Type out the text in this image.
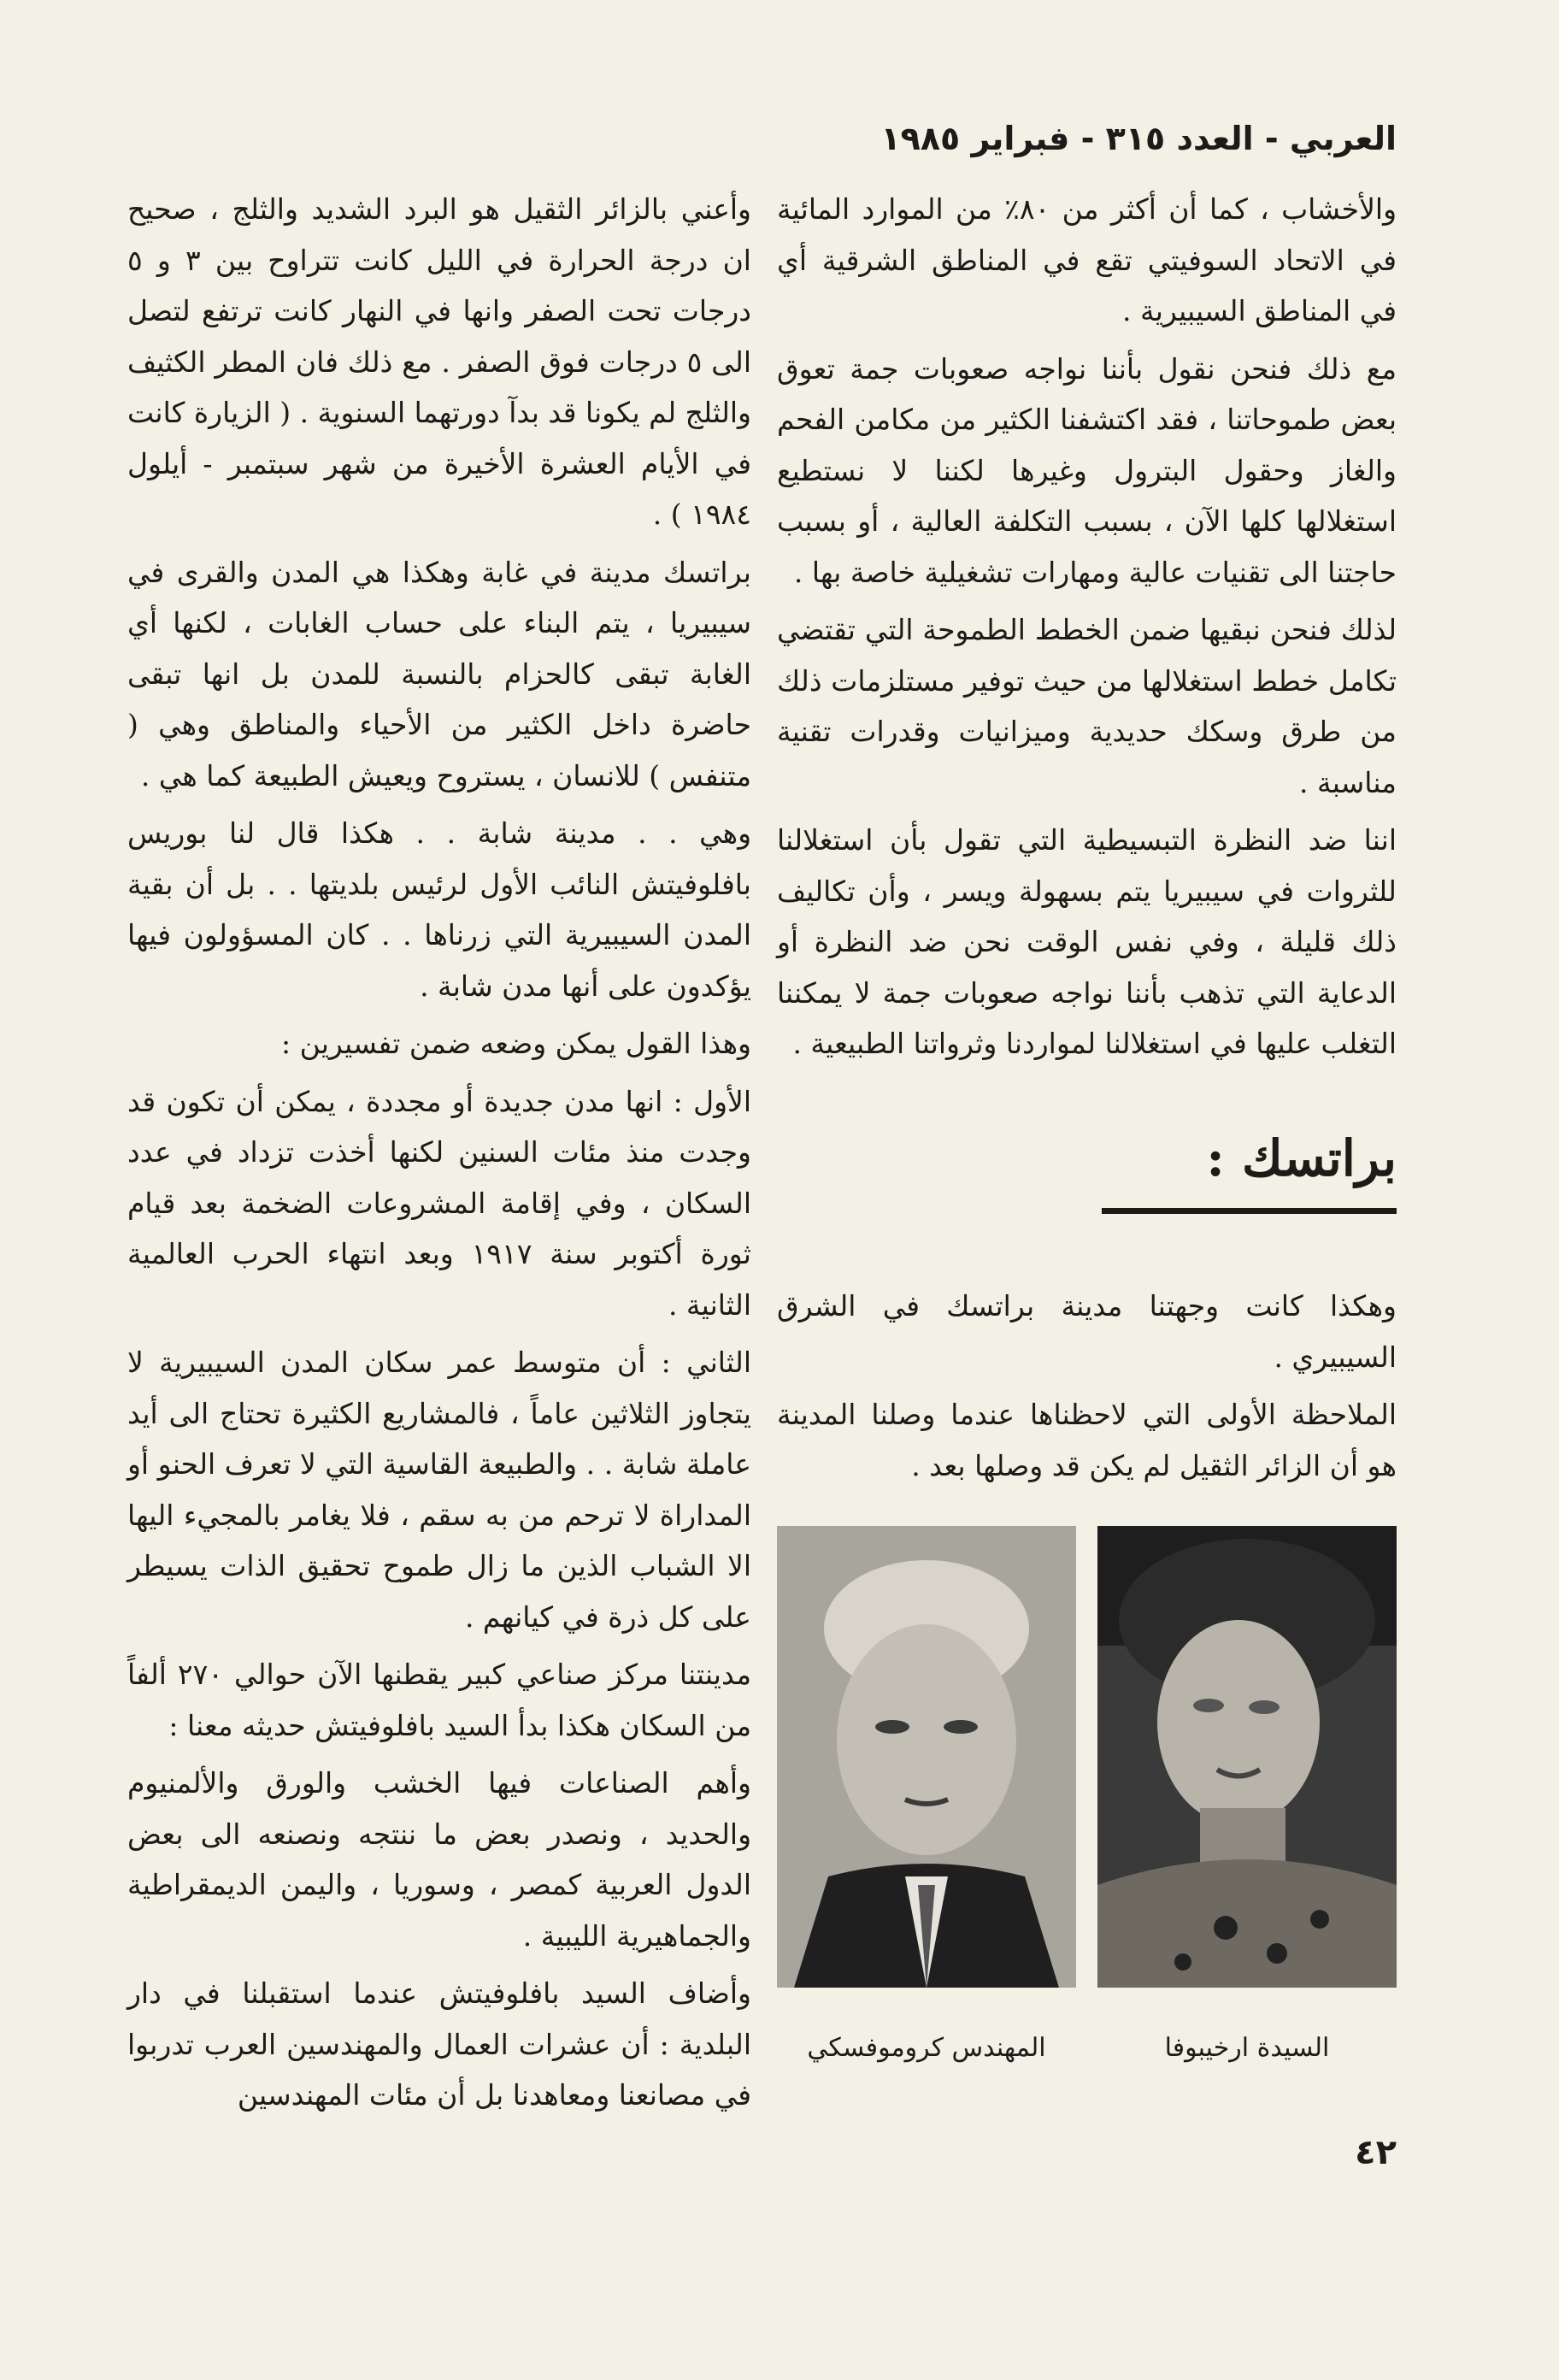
العربي - العدد ٣١٥ - فبراير ١٩٨٥

والأخشاب ، كما أن أكثر من ٨٠٪ من الموارد المائية في الاتحاد السوفيتي تقع في المناطق الشرقية أي في المناطق السيبيرية .

مع ذلك فنحن نقول بأننا نواجه صعوبات جمة تعوق بعض طموحاتنا ، فقد اكتشفنا الكثير من مكامن الفحم والغاز وحقول البترول وغيرها لكننا لا نستطيع استغلالها كلها الآن ، بسبب التكلفة العالية ، أو بسبب حاجتنا الى تقنيات عالية ومهارات تشغيلية خاصة بها .

لذلك فنحن نبقيها ضمن الخطط الطموحة التي تقتضي تكامل خطط استغلالها من حيث توفير مستلزمات ذلك من طرق وسكك حديدية وميزانيات وقدرات تقنية مناسبة .

اننا ضد النظرة التبسيطية التي تقول بأن استغلالنا للثروات في سيبيريا يتم بسهولة ويسر ، وأن تكاليف ذلك قليلة ، وفي نفس الوقت نحن ضد النظرة أو الدعاية التي تذهب بأننا نواجه صعوبات جمة لا يمكننا التغلب عليها في استغلالنا لمواردنا وثرواتنا الطبيعية .

براتسك :

وهكذا كانت وجهتنا مدينة براتسك في الشرق السيبيري .

الملاحظة الأولى التي لاحظناها عندما وصلنا المدينة هو أن الزائر الثقيل لم يكن قد وصلها بعد .

السيدة ارخيبوفا
المهندس كروموفسكي
٤٢

وأعني بالزائر الثقيل هو البرد الشديد والثلج ، صحيح ان درجة الحرارة في الليل كانت تتراوح بين ٣ و ٥ درجات تحت الصفر وانها في النهار كانت ترتفع لتصل الى ٥ درجات فوق الصفر . مع ذلك فان المطر الكثيف والثلج لم يكونا قد بدآ دورتهما السنوية . ( الزيارة كانت في الأيام العشرة الأخيرة من شهر سبتمبر - أيلول ١٩٨٤ ) .

براتسك مدينة في غابة وهكذا هي المدن والقرى في سيبيريا ، يتم البناء على حساب الغابات ، لكنها أي الغابة تبقى كالحزام بالنسبة للمدن بل انها تبقى حاضرة داخل الكثير من الأحياء والمناطق وهي ( متنفس ) للانسان ، يستروح ويعيش الطبيعة كما هي .

وهي . . مدينة شابة . . هكذا قال لنا بوريس بافلوفيتش النائب الأول لرئيس بلديتها . . بل أن بقية المدن السيبيرية التي زرناها . . كان المسؤولون فيها يؤكدون على أنها مدن شابة .

وهذا القول يمكن وضعه ضمن تفسيرين :

الأول : انها مدن جديدة أو مجددة ، يمكن أن تكون قد وجدت منذ مئات السنين لكنها أخذت تزداد في عدد السكان ، وفي إقامة المشروعات الضخمة بعد قيام ثورة أكتوبر سنة ١٩١٧ وبعد انتهاء الحرب العالمية الثانية .

الثاني : أن متوسط عمر سكان المدن السيبيرية لا يتجاوز الثلاثين عاماً ، فالمشاريع الكثيرة تحتاج الى أيد عاملة شابة . . والطبيعة القاسية التي لا تعرف الحنو أو المداراة لا ترحم من به سقم ، فلا يغامر بالمجيء اليها الا الشباب الذين ما زال طموح تحقيق الذات يسيطر على كل ذرة في كيانهم .

مدينتنا مركز صناعي كبير يقطنها الآن حوالي ٢٧٠ ألفاً من السكان هكذا بدأ السيد بافلوفيتش حديثه معنا :

وأهم الصناعات فيها الخشب والورق والألمنيوم والحديد ، ونصدر بعض ما ننتجه ونصنعه الى بعض الدول العربية كمصر ، وسوريا ، واليمن الديمقراطية والجماهيرية الليبية .

وأضاف السيد بافلوفيتش عندما استقبلنا في دار البلدية : أن عشرات العمال والمهندسين العرب تدربوا في مصانعنا ومعاهدنا بل أن مئات المهندسين
